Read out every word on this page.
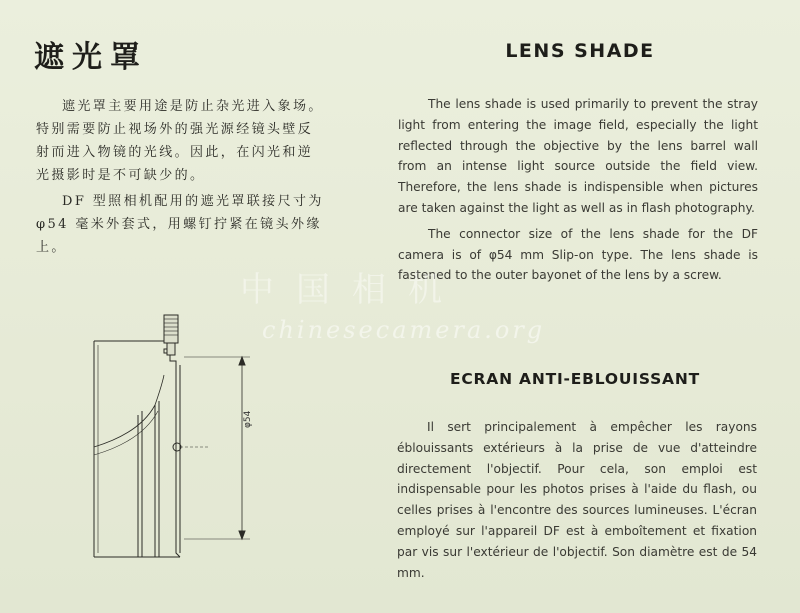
遮光罩

遮光罩主要用途是防止杂光进入象场。特别需要防止视场外的强光源经镜头壁反射而进入物镜的光线。因此，在闪光和逆光摄影时是不可缺少的。

DF 型照相机配用的遮光罩联接尺寸为 φ54 毫米外套式，用螺钉拧紧在镜头外缘上。

LENS SHADE

The lens shade is used primarily to prevent the stray light from entering the image field, especially the light reflected through the objective by the lens barrel wall from an intense light source outside the field view. Therefore, the lens shade is indispensible when pictures are taken against the light as well as in flash photography.

The connector size of the lens shade for the DF camera is of φ54 mm Slip-on type. The lens shade is fastened to the outer bayonet of the lens by a screw.

ECRAN ANTI-EBLOUISSANT

Il sert principalement à empêcher les rayons éblouissants extérieurs à la prise de vue d'atteindre directement l'objectif. Pour cela, son emploi est indispensable pour les photos prises à l'aide du flash, ou celles prises à l'encontre des sources lumineuses. L'écran employé sur l'appareil DF est à emboîtement et fixation par vis sur l'extérieur de l'objectif. Son diamètre est de 54 mm.

φ54
中国相机
chinesecamera.org
